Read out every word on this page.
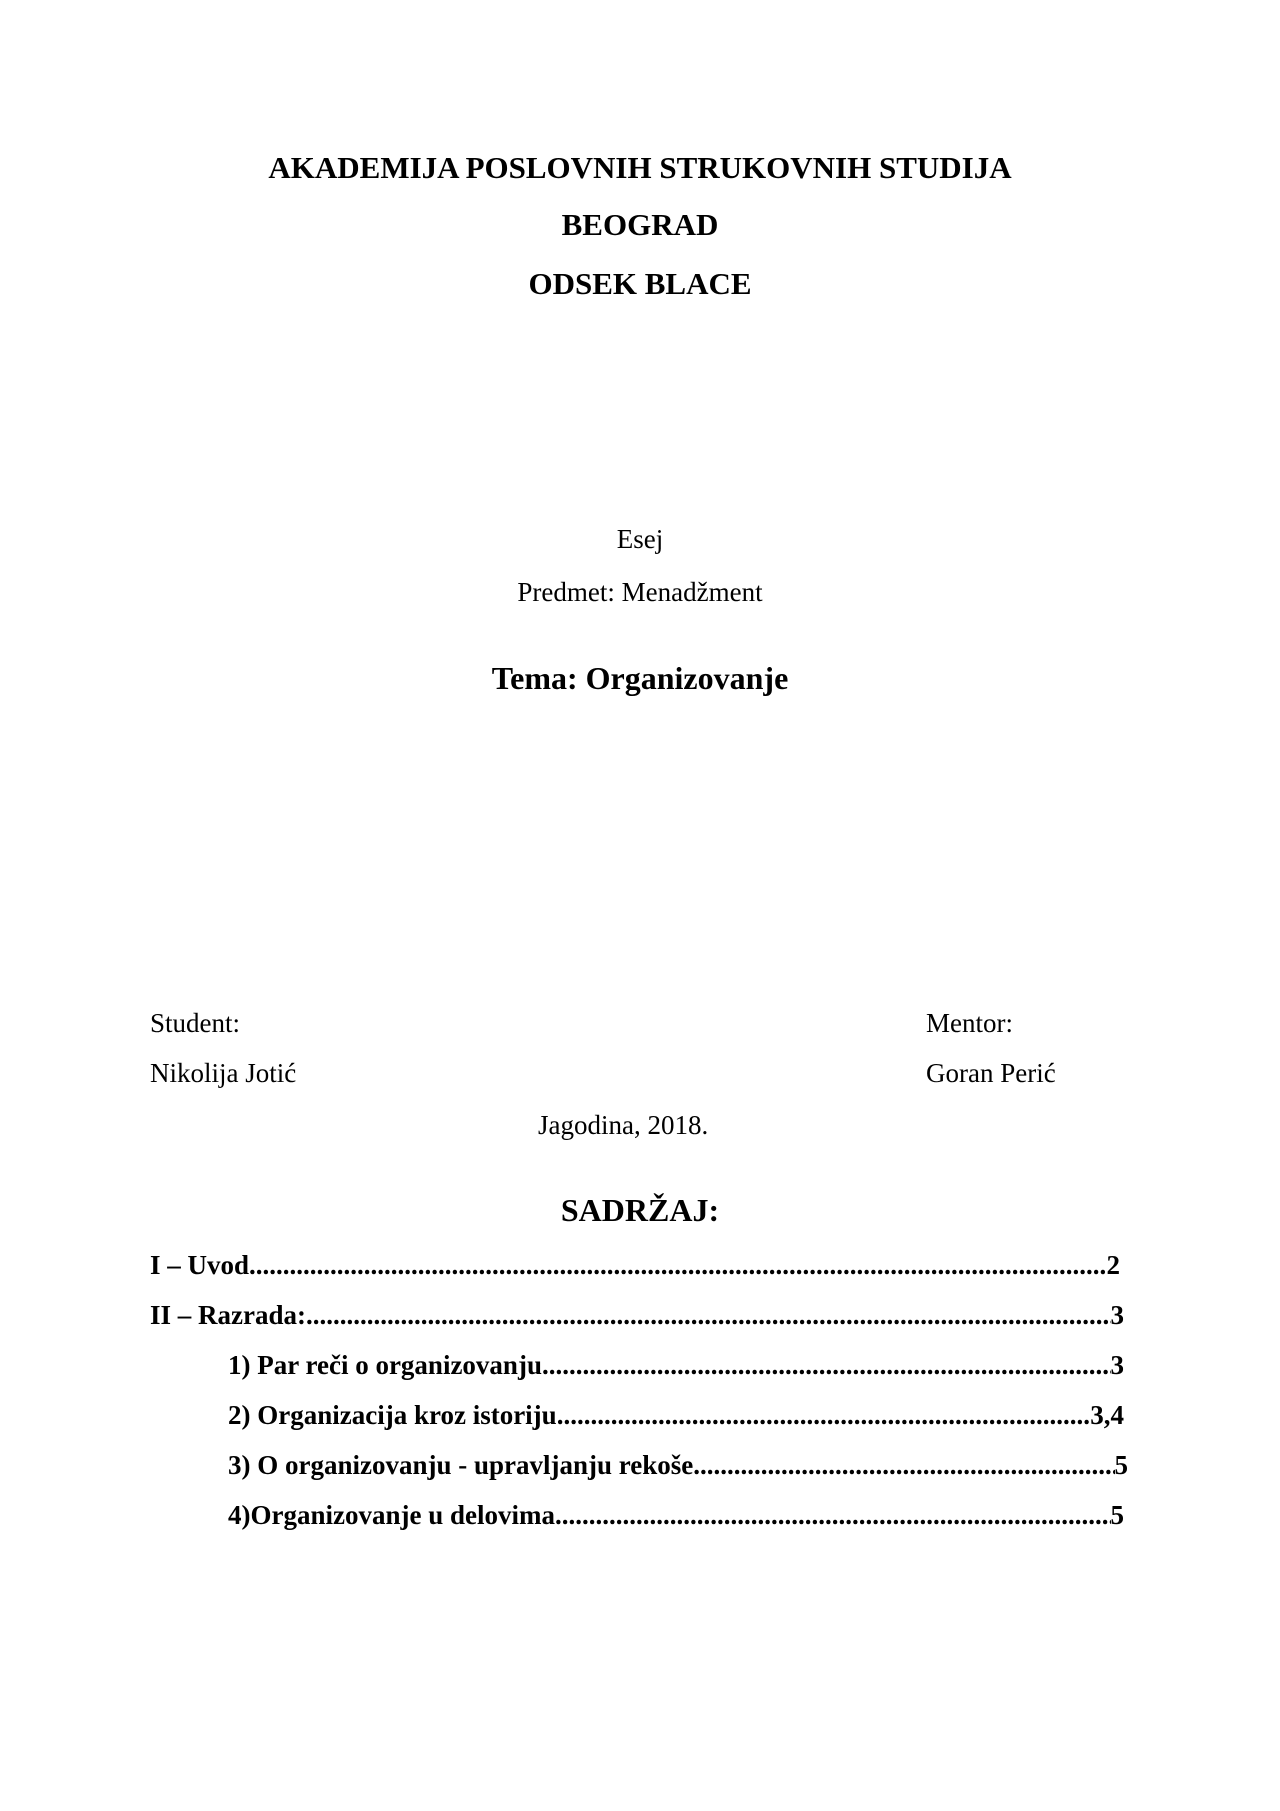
AKADEMIJA POSLOVNIH STRUKOVNIH STUDIJA
BEOGRAD
ODSEK BLACE
Esej
Predmet: Menadžment
Tema: Organizovanje
Student:
Nikolija Jotić
Mentor:
Goran Perić
Jagodina, 2018.
SADRŽAJ:
I – Uvod .....	2
II – Razrada: .....	3
1) Par reči o organizovanju .....	3
2) Organizacija kroz istoriju .....	3,4
3) O organizovanju - upravljanju rekoše .....	5
4)Organizovanje u delovima .....	5
